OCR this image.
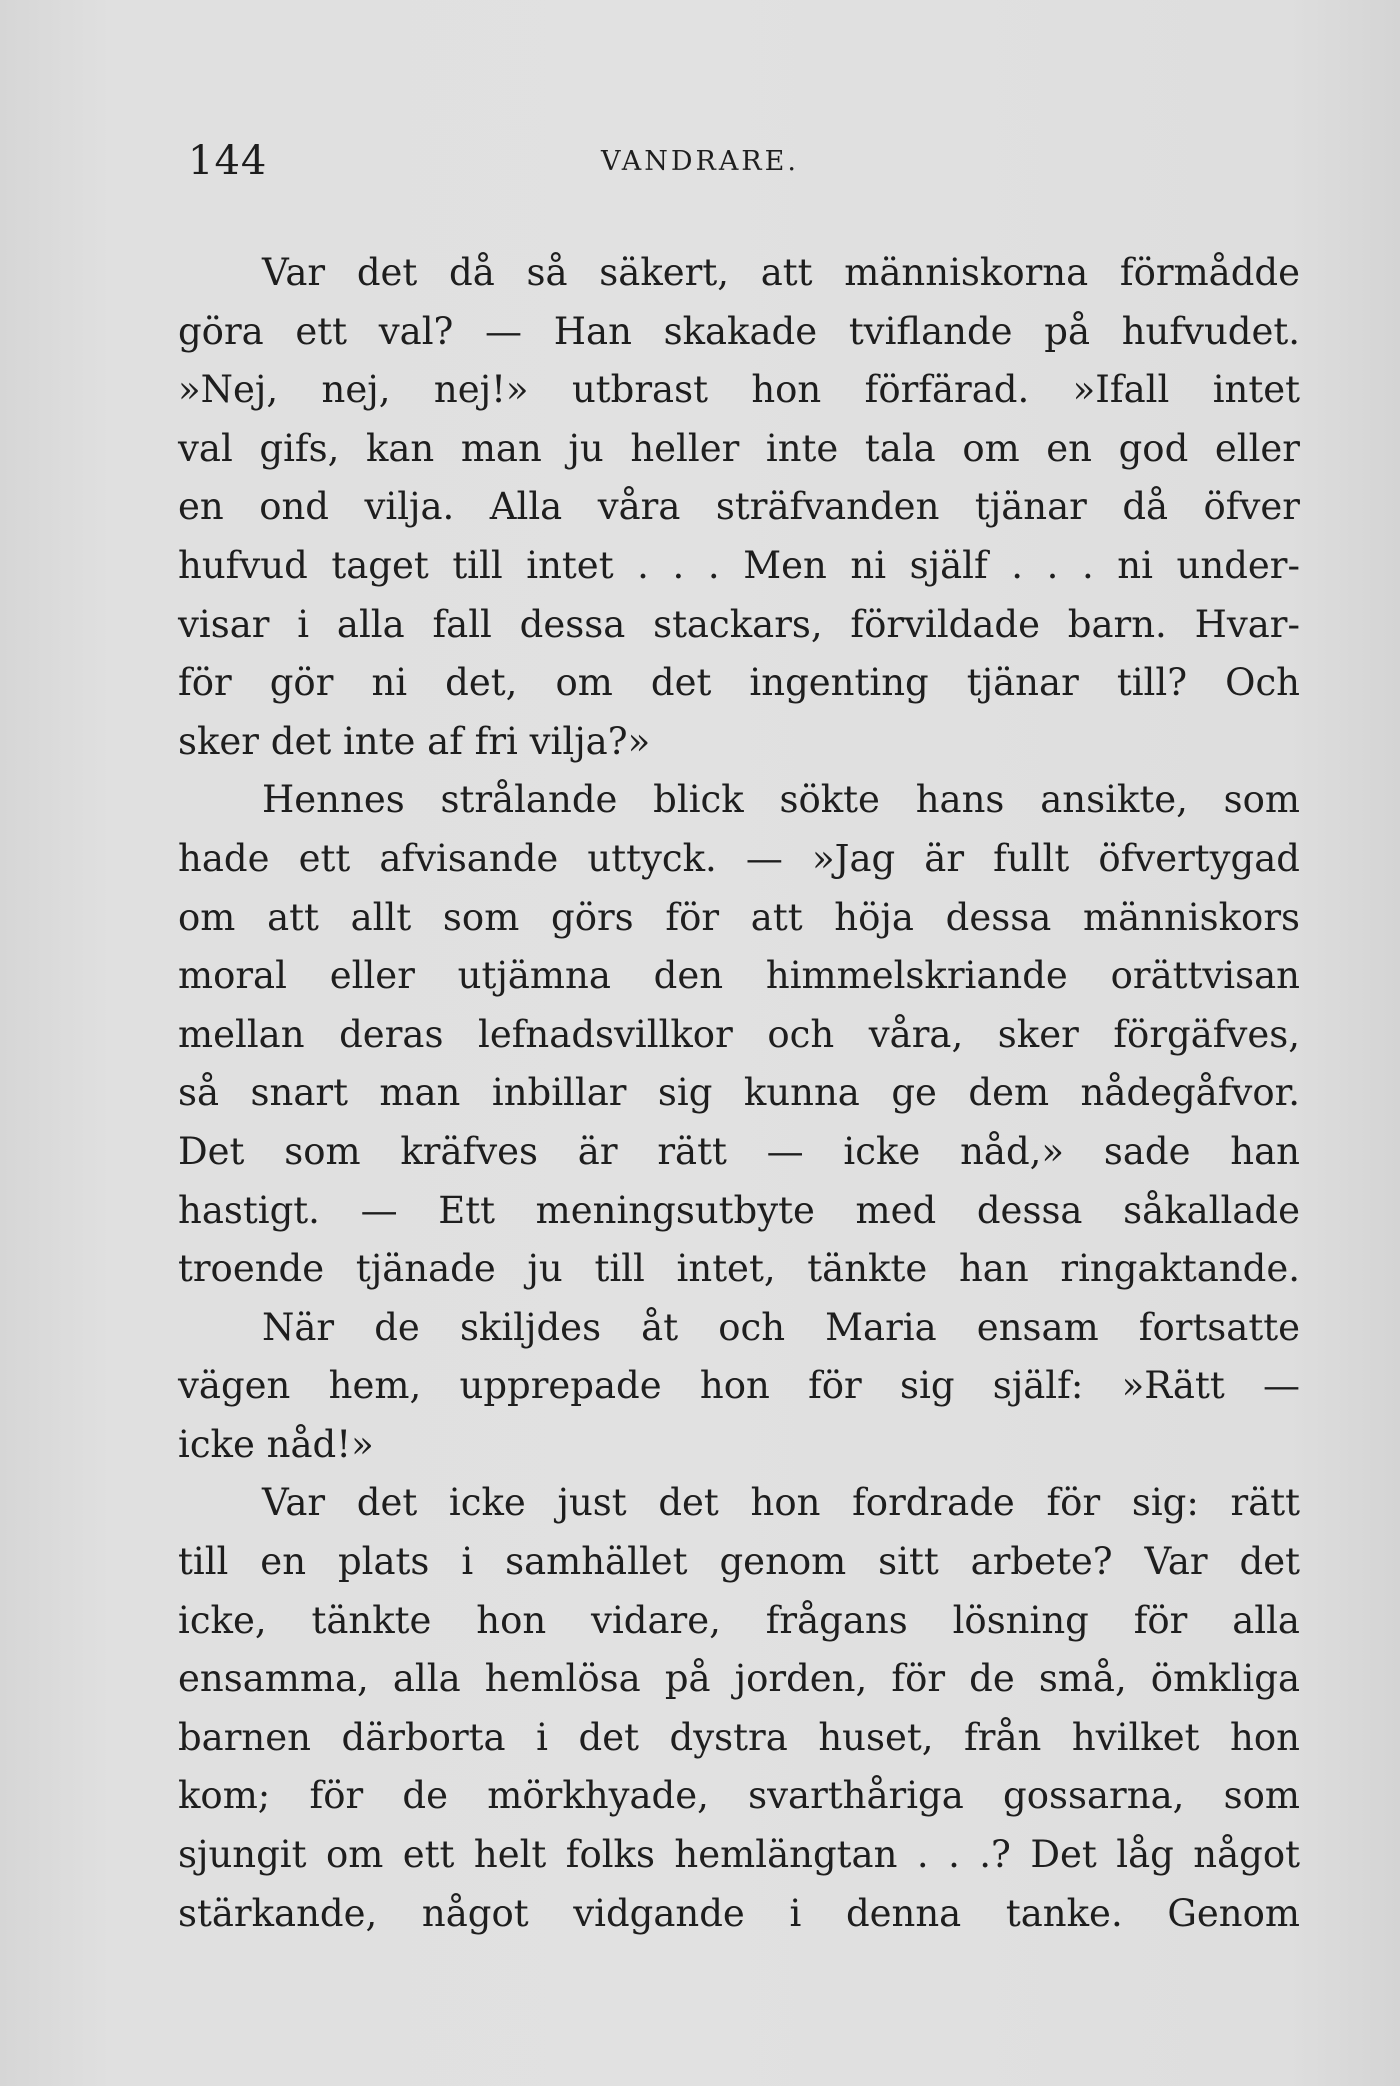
144	VANDRARE.
Var det då så säkert, att människorna förmådde
göra ett val? — Han skakade tviflande på hufvudet.
»Nej, nej, nej!» utbrast hon förfärad. »Ifall intet
val gifs, kan man ju heller inte tala om en god eller
en ond vilja. Alla våra sträfvanden tjänar då öfver
hufvud taget till intet . . . Men ni själf . . . ni under-
visar i alla fall dessa stackars, förvildade barn. Hvar-
för gör ni det, om det ingenting tjänar till? Och
sker det inte af fri vilja?»
Hennes strålande blick sökte hans ansikte, som
hade ett afvisande uttyck. — »Jag är fullt öfvertygad
om att allt som görs för att höja dessa människors
moral eller utjämna den himmelskriande orättvisan
mellan deras lefnadsvillkor och våra, sker förgäfves,
så snart man inbillar sig kunna ge dem nådegåfvor.
Det som kräfves är rätt — icke nåd,» sade han
hastigt. — Ett meningsutbyte med dessa såkallade
troende tjänade ju till intet, tänkte han ringaktande.
När de skiljdes åt och Maria ensam fortsatte
vägen hem, upprepade hon för sig själf: »Rätt —
icke nåd!»
Var det icke just det hon fordrade för sig: rätt
till en plats i samhället genom sitt arbete? Var det
icke, tänkte hon vidare, frågans lösning för alla
ensamma, alla hemlösa på jorden, för de små, ömkliga
barnen därborta i det dystra huset, från hvilket hon
kom; för de mörkhyade, svarthåriga gossarna, som
sjungit om ett helt folks hemlängtan . . .? Det låg något
stärkande, något vidgande i denna tanke. Genom
